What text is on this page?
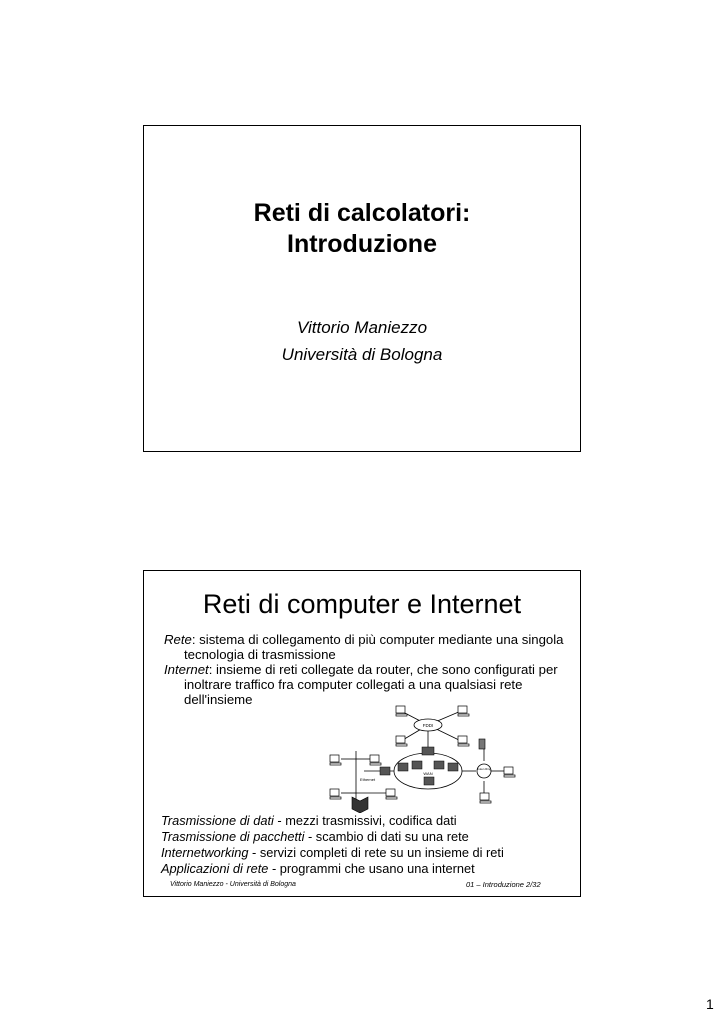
Reti di calcolatori:
Introduzione
Vittorio Maniezzo
Università di Bologna
Reti di computer e Internet

Rete: sistema di collegamento di più computer mediante una singola tecnologia di trasmissione

Internet: insieme di reti collegate da router, che sono configurati per inoltrare traffico fra computer collegati a una qualsiasi rete dell'insieme

FDDI
Token Ring
WAN
Ethernet

Trasmissione di dati - mezzi trasmissivi, codifica dati

Trasmissione di pacchetti - scambio di dati su una rete

Internetworking - servizi completi di rete su un insieme di reti

Applicazioni di rete - programmi che usano una internet

Vittorio Maniezzo - Università di Bologna	01 – Introduzione 2/32
1
